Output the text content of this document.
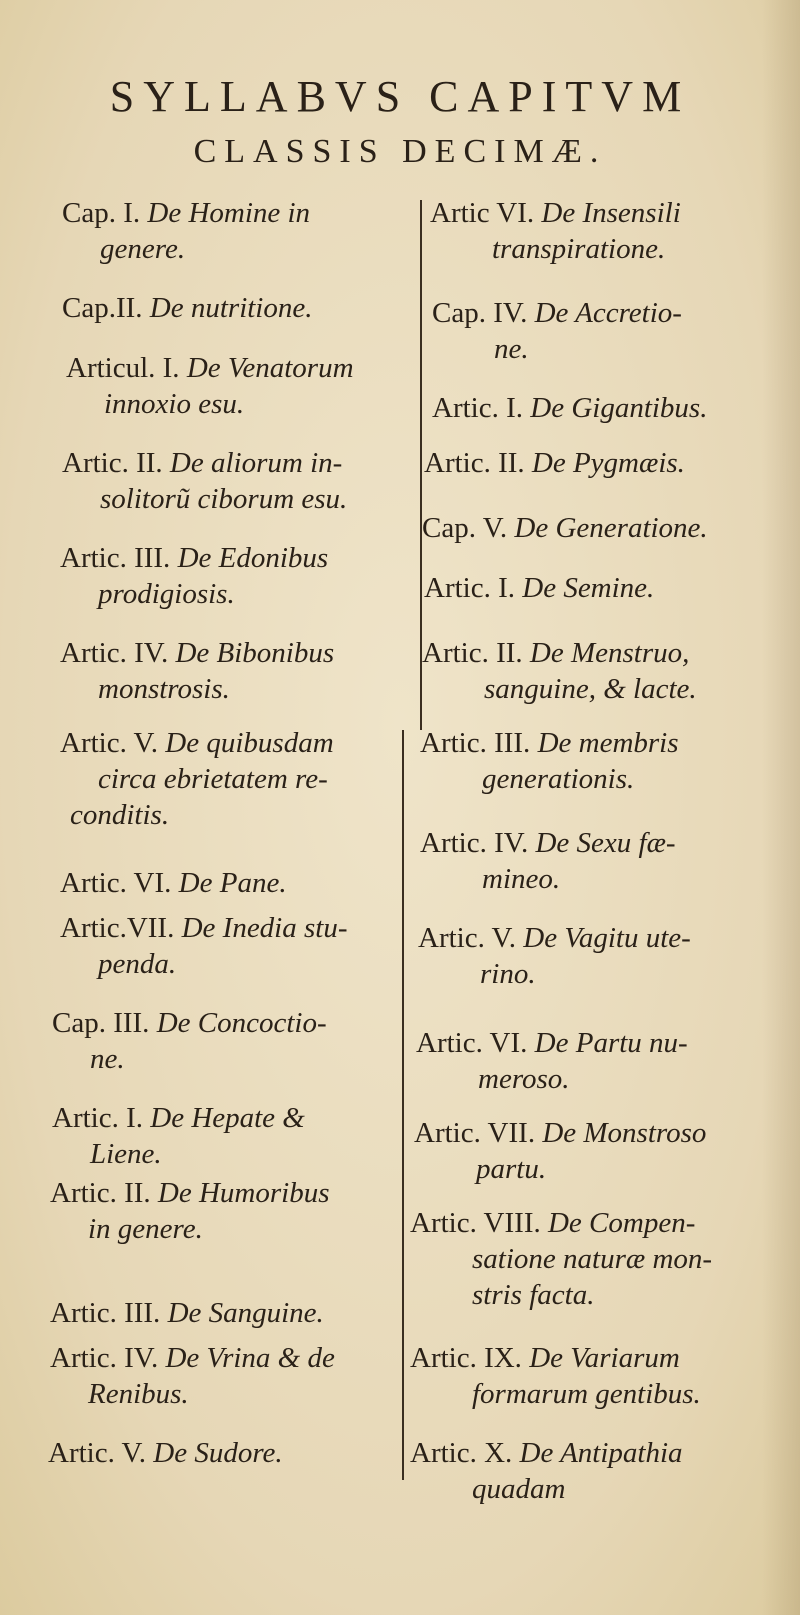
SYLLABVS CAPITVM
CLASSIS DECIMÆ.
Cap. I. De Homine in
genere.
Cap.II. De nutritione.
Articul. I. De Venatorum
innoxio esu.
Artic. II. De aliorum in-
solitorũ ciborum esu.
Artic. III. De Edonibus
prodigiosis.
Artic. IV. De Bibonibus
monstrosis.
Artic. V. De quibusdam
circa ebrietatem re-
conditis.
Artic. VI. De Pane.
Artic.VII. De Inedia stu-
penda.
Cap. III. De Concoctio-
ne.
Artic. I. De Hepate &
Liene.
Artic. II. De Humoribus
in genere.
Artic. III. De Sanguine.
Artic. IV. De Vrina & de
Renibus.
Artic. V. De Sudore.
Artic VI. De Insensili
transpiratione.
Cap. IV. De Accretio-
ne.
Artic. I. De Gigantibus.
Artic. II. De Pygmæis.
Cap. V. De Generatione.
Artic. I. De Semine.
Artic. II. De Menstruo,
sanguine, & lacte.
Artic. III. De membris
generationis.
Artic. IV. De Sexu fæ-
mineo.
Artic. V. De Vagitu ute-
rino.
Artic. VI. De Partu nu-
meroso.
Artic. VII. De Monstroso
partu.
Artic. VIII. De Compen-
satione naturæ mon-
stris facta.
Artic. IX. De Variarum
formarum gentibus.
Artic. X. De Antipathia
quadam
